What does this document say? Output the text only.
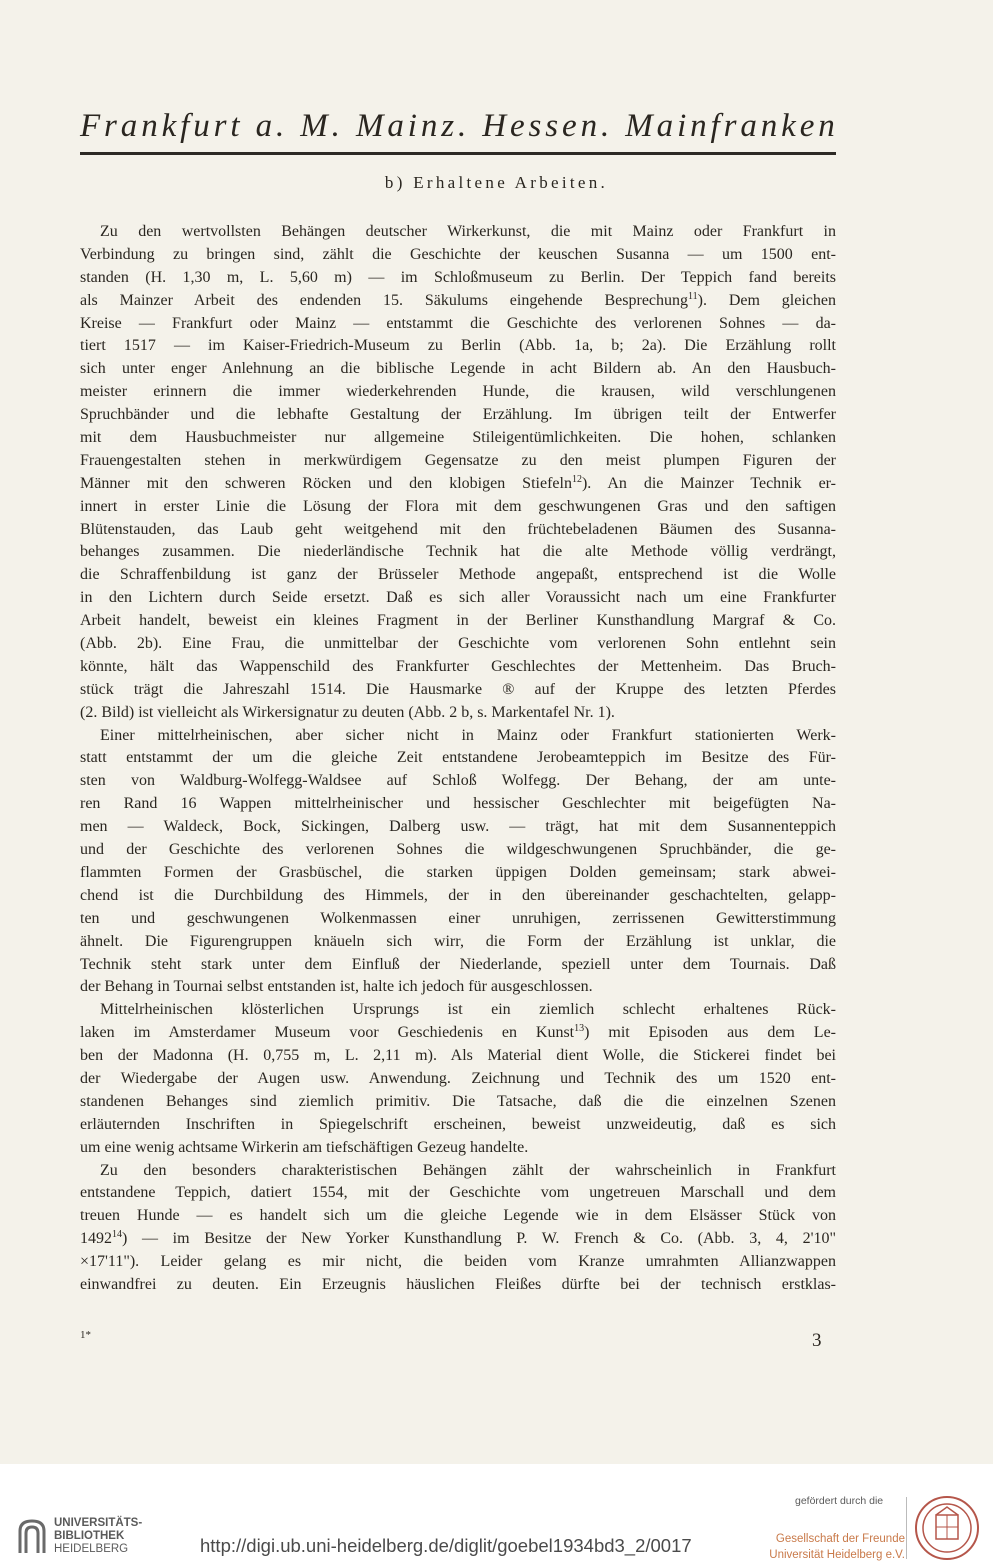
Frankfurt a. M. Mainz. Hessen. Mainfranken
b) Erhaltene Arbeiten.
Zu den wertvollsten Behängen deutscher Wirkerkunst, die mit Mainz oder Frankfurt in
Verbindung zu bringen sind, zählt die Geschichte der keuschen Susanna — um 1500 ent-
standen (H. 1,30 m, L. 5,60 m) — im Schloßmuseum zu Berlin. Der Teppich fand bereits
als Mainzer Arbeit des endenden 15. Säkulums eingehende Besprechung$^{11}$). Dem gleichen
Kreise — Frankfurt oder Mainz — entstammt die Geschichte des verlorenen Sohnes — da-
tiert 1517 — im Kaiser-Friedrich-Museum zu Berlin (Abb. 1a, b; 2a). Die Erzählung rollt
sich unter enger Anlehnung an die biblische Legende in acht Bildern ab. An den Hausbuch-
meister erinnern die immer wiederkehrenden Hunde, die krausen, wild verschlungenen
Spruchbänder und die lebhafte Gestaltung der Erzählung. Im übrigen teilt der Entwerfer
mit dem Hausbuchmeister nur allgemeine Stileigentümlichkeiten. Die hohen, schlanken
Frauengestalten stehen in merkwürdigem Gegensatze zu den meist plumpen Figuren der
Männer mit den schweren Röcken und den klobigen Stiefeln$^{12}$). An die Mainzer Technik er-
innert in erster Linie die Lösung der Flora mit dem geschwungenen Gras und den saftigen
Blütenstauden, das Laub geht weitgehend mit den früchtebeladenen Bäumen des Susanna-
behanges zusammen. Die niederländische Technik hat die alte Methode völlig verdrängt,
die Schraffenbildung ist ganz der Brüsseler Methode angepaßt, entsprechend ist die Wolle
in den Lichtern durch Seide ersetzt. Daß es sich aller Voraussicht nach um eine Frankfurter
Arbeit handelt, beweist ein kleines Fragment in der Berliner Kunsthandlung Margraf & Co.
(Abb. 2b). Eine Frau, die unmittelbar der Geschichte vom verlorenen Sohn entlehnt sein
könnte, hält das Wappenschild des Frankfurter Geschlechtes der Mettenheim. Das Bruch-
stück trägt die Jahreszahl 1514. Die Hausmarke ® auf der Kruppe des letzten Pferdes
(2. Bild) ist vielleicht als Wirkersignatur zu deuten (Abb. 2 b, s. Markentafel Nr. 1).
Einer mittelrheinischen, aber sicher nicht in Mainz oder Frankfurt stationierten Werk-
statt entstammt der um die gleiche Zeit entstandene Jerobeamteppich im Besitze des Für-
sten von Waldburg-Wolfegg-Waldsee auf Schloß Wolfegg. Der Behang, der am unte-
ren Rand 16 Wappen mittelrheinischer und hessischer Geschlechter mit beigefügten Na-
men — Waldeck, Bock, Sickingen, Dalberg usw. — trägt, hat mit dem Susannenteppich
und der Geschichte des verlorenen Sohnes die wildgeschwungenen Spruchbänder, die ge-
flammten Formen der Grasbüschel, die starken üppigen Dolden gemeinsam; stark abwei-
chend ist die Durchbildung des Himmels, der in den übereinander geschachtelten, gelapp-
ten und geschwungenen Wolkenmassen einer unruhigen, zerrissenen Gewitterstimmung
ähnelt. Die Figurengruppen knäueln sich wirr, die Form der Erzählung ist unklar, die
Technik steht stark unter dem Einfluß der Niederlande, speziell unter dem Tournais. Daß
der Behang in Tournai selbst entstanden ist, halte ich jedoch für ausgeschlossen.
Mittelrheinischen klösterlichen Ursprungs ist ein ziemlich schlecht erhaltenes Rück-
laken im Amsterdamer Museum voor Geschiedenis en Kunst$^{13}$) mit Episoden aus dem Le-
ben der Madonna (H. 0,755 m, L. 2,11 m). Als Material dient Wolle, die Stickerei findet bei
der Wiedergabe der Augen usw. Anwendung. Zeichnung und Technik des um 1520 ent-
standenen Behanges sind ziemlich primitiv. Die Tatsache, daß die die einzelnen Szenen
erläuternden Inschriften in Spiegelschrift erscheinen, beweist unzweideutig, daß es sich
um eine wenig achtsame Wirkerin am tiefschäftigen Gezeug handelte.
Zu den besonders charakteristischen Behängen zählt der wahrscheinlich in Frankfurt
entstandene Teppich, datiert 1554, mit der Geschichte vom ungetreuen Marschall und dem
treuen Hunde — es handelt sich um die gleiche Legende wie in dem Elsässer Stück von
1492$^{14}$) — im Besitze der New Yorker Kunsthandlung P. W. French & Co. (Abb. 3, 4, 2'10"
×17'11"). Leider gelang es mir nicht, die beiden vom Kranze umrahmten Allianzwappen
einwandfrei zu deuten. Ein Erzeugnis häuslichen Fleißes dürfte bei der technisch erstklas-
1*	3
UNIVERSITÄTS-
BIBLIOTHEK
HEIDELBERG	http://digi.ub.uni-heidelberg.de/diglit/goebel1934bd3_2/0017
gefördert durch die
Gesellschaft der Freunde
Universität Heidelberg e.V.
